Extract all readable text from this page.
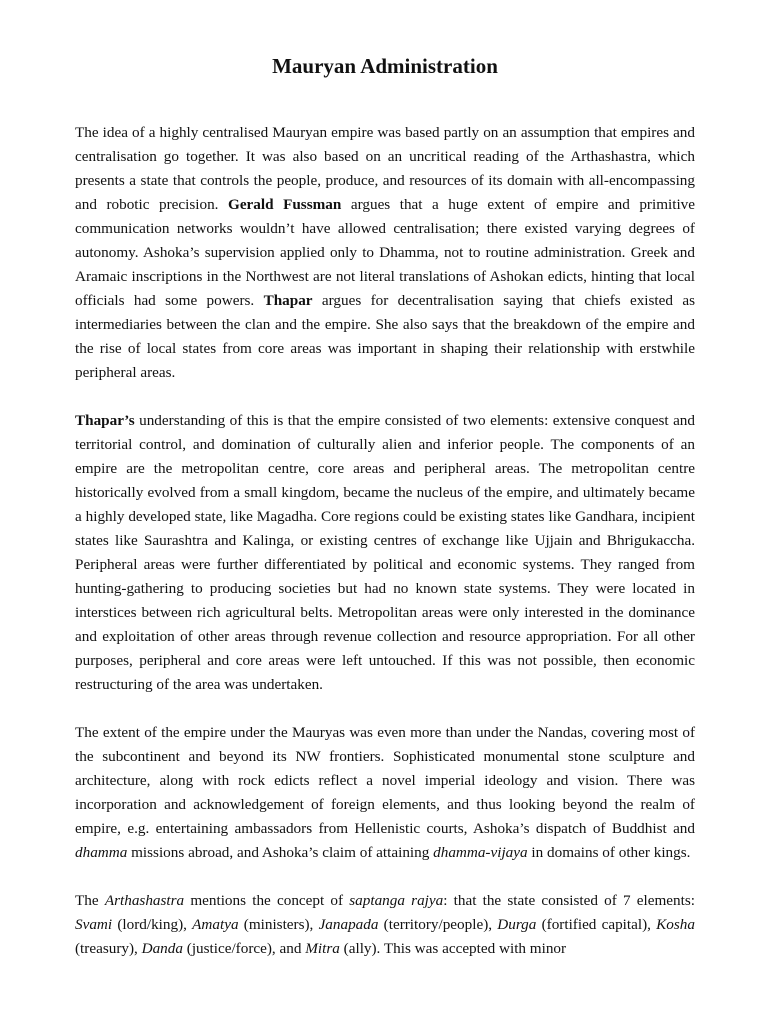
Mauryan Administration

The idea of a highly centralised Mauryan empire was based partly on an assumption that empires and centralisation go together. It was also based on an uncritical reading of the Arthashastra, which presents a state that controls the people, produce, and resources of its domain with all-encompassing and robotic precision. Gerald Fussman argues that a huge extent of empire and primitive communication networks wouldn’t have allowed centralisation; there existed varying degrees of autonomy. Ashoka’s supervision applied only to Dhamma, not to routine administration. Greek and Aramaic inscriptions in the Northwest are not literal translations of Ashokan edicts, hinting that local officials had some powers. Thapar argues for decentralisation saying that chiefs existed as intermediaries between the clan and the empire. She also says that the breakdown of the empire and the rise of local states from core areas was important in shaping their relationship with erstwhile peripheral areas.

Thapar’s understanding of this is that the empire consisted of two elements: extensive conquest and territorial control, and domination of culturally alien and inferior people. The components of an empire are the metropolitan centre, core areas and peripheral areas. The metropolitan centre historically evolved from a small kingdom, became the nucleus of the empire, and ultimately became a highly developed state, like Magadha. Core regions could be existing states like Gandhara, incipient states like Saurashtra and Kalinga, or existing centres of exchange like Ujjain and Bhrigukaccha. Peripheral areas were further differentiated by political and economic systems. They ranged from hunting-gathering to producing societies but had no known state systems. They were located in interstices between rich agricultural belts. Metropolitan areas were only interested in the dominance and exploitation of other areas through revenue collection and resource appropriation. For all other purposes, peripheral and core areas were left untouched. If this was not possible, then economic restructuring of the area was undertaken.

The extent of the empire under the Mauryas was even more than under the Nandas, covering most of the subcontinent and beyond its NW frontiers. Sophisticated monumental stone sculpture and architecture, along with rock edicts reflect a novel imperial ideology and vision. There was incorporation and acknowledgement of foreign elements, and thus looking beyond the realm of empire, e.g. entertaining ambassadors from Hellenistic courts, Ashoka’s dispatch of Buddhist and dhamma missions abroad, and Ashoka’s claim of attaining dhamma-vijaya in domains of other kings.

The Arthashastra mentions the concept of saptanga rajya: that the state consisted of 7 elements: Svami (lord/king), Amatya (ministers), Janapada (territory/people), Durga (fortified capital), Kosha (treasury), Danda (justice/force), and Mitra (ally). This was accepted with minor
